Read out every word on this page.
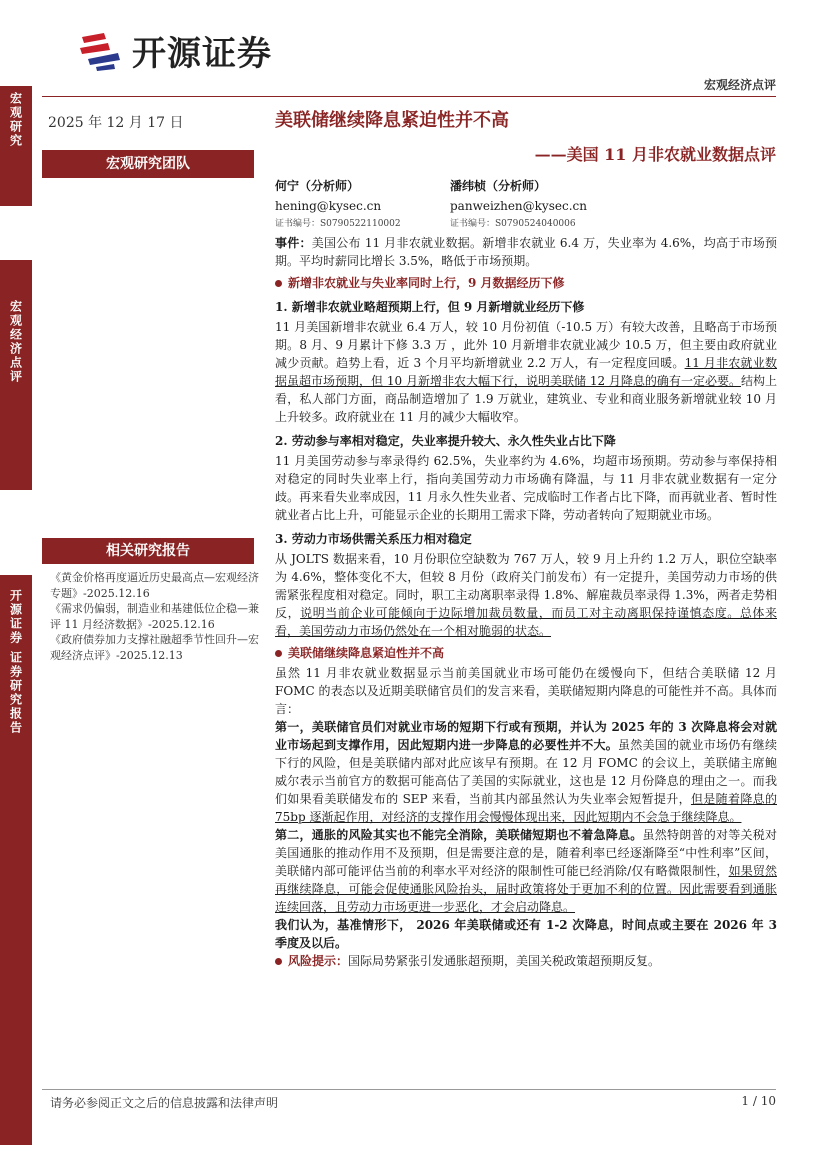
开源证券
宏观经济点评
宏观研究
宏观经济点评
开源证券 证券研究报告
2025 年 12 月 17 日	美联储继续降息紧迫性并不高
——美国 11 月非农就业数据点评
宏观研究团队
何宁（分析师）
hening@kysec.cn
证书编号：S0790522110002
潘纬桢（分析师）
panweizhen@kysec.cn
证书编号：S0790524040006
相关研究报告
《黄金价格再度逼近历史最高点—宏观经济专题》-2025.12.16
《需求仍偏弱，制造业和基建低位企稳—兼评 11 月经济数据》-2025.12.16
《政府债券加力支撑社融超季节性回升—宏观经济点评》-2025.12.13

事件：美国公布 11 月非农就业数据。新增非农就业 6.4 万，失业率为 4.6%，均高于市场预期。平均时薪同比增长 3.5%，略低于市场预期。

新增非农就业与失业率同时上行，9 月数据经历下修
1. 新增非农就业略超预期上行，但 9 月新增就业经历下修

11 月美国新增非农就业 6.4 万人，较 10 月份初值（-10.5 万）有较大改善，且略高于市场预期。8 月、9 月累计下修 3.3 万 ，此外 10 月新增非农就业减少 10.5 万，但主要由政府就业减少贡献。趋势上看，近 3 个月平均新增就业 2.2 万人，有一定程度回暖。11 月非农就业数据虽超市场预期，但 10 月新增非农大幅下行，说明美联储 12 月降息的确有一定必要。结构上看，私人部门方面，商品制造增加了 1.9 万就业，建筑业、专业和商业服务新增就业较 10 月上升较多。政府就业在 11 月的减少大幅收窄。

2. 劳动参与率相对稳定，失业率提升较大、永久性失业占比下降

11 月美国劳动参与率录得约 62.5%，失业率约为 4.6%，均超市场预期。劳动参与率保持相对稳定的同时失业率上行，指向美国劳动力市场确有降温，与 11 月非农就业数据有一定分歧。再来看失业率成因，11 月永久性失业者、完成临时工作者占比下降，而再就业者、暂时性就业者占比上升，可能显示企业的长期用工需求下降，劳动者转向了短期就业市场。

3. 劳动力市场供需关系压力相对稳定

从 JOLTS 数据来看，10 月份职位空缺数为 767 万人，较 9 月上升约 1.2 万人，职位空缺率为 4.6%，整体变化不大，但较 8 月份（政府关门前发布）有一定提升，美国劳动力市场的供需紧张程度相对稳定。同时，职工主动离职率录得 1.8%、解雇裁员率录得 1.3%，两者走势相反，说明当前企业可能倾向于边际增加裁员数量，而员工对主动离职保持谨慎态度。总体来看，美国劳动力市场仍然处在一个相对脆弱的状态。

美联储继续降息紧迫性并不高

虽然 11 月非农就业数据显示当前美国就业市场可能仍在缓慢向下，但结合美联储 12 月 FOMC 的表态以及近期美联储官员们的发言来看，美联储短期内降息的可能性并不高。具体而言：

第一，美联储官员们对就业市场的短期下行或有预期，并认为 2025 年的 3 次降息将会对就业市场起到支撑作用，因此短期内进一步降息的必要性并不大。虽然美国的就业市场仍有继续下行的风险，但是美联储内部对此应该早有预期。在 12 月 FOMC 的会议上，美联储主席鲍威尔表示当前官方的数据可能高估了美国的实际就业，这也是 12 月份降息的理由之一。而我们如果看美联储发布的 SEP 来看，当前其内部虽然认为失业率会短暂提升，但是随着降息的 75bp 逐渐起作用，对经济的支撑作用会慢慢体现出来，因此短期内不会急于继续降息。

第二，通胀的风险其实也不能完全消除，美联储短期也不着急降息。虽然特朗普的对等关税对美国通胀的推动作用不及预期，但是需要注意的是，随着利率已经逐渐降至“中性利率”区间，美联储内部可能评估当前的利率水平对经济的限制性可能已经消除/仅有略微限制性，如果贸然再继续降息，可能会促使通胀风险抬头，届时政策将处于更加不利的位置。因此需要看到通胀连续回落，且劳动力市场更进一步恶化，才会启动降息。

我们认为，基准情形下， 2026 年美联储或还有 1-2 次降息，时间点或主要在 2026 年 3 季度及以后。

风险提示：国际局势紧张引发通胀超预期，美国关税政策超预期反复。

请务必参阅正文之后的信息披露和法律声明	1 / 10
